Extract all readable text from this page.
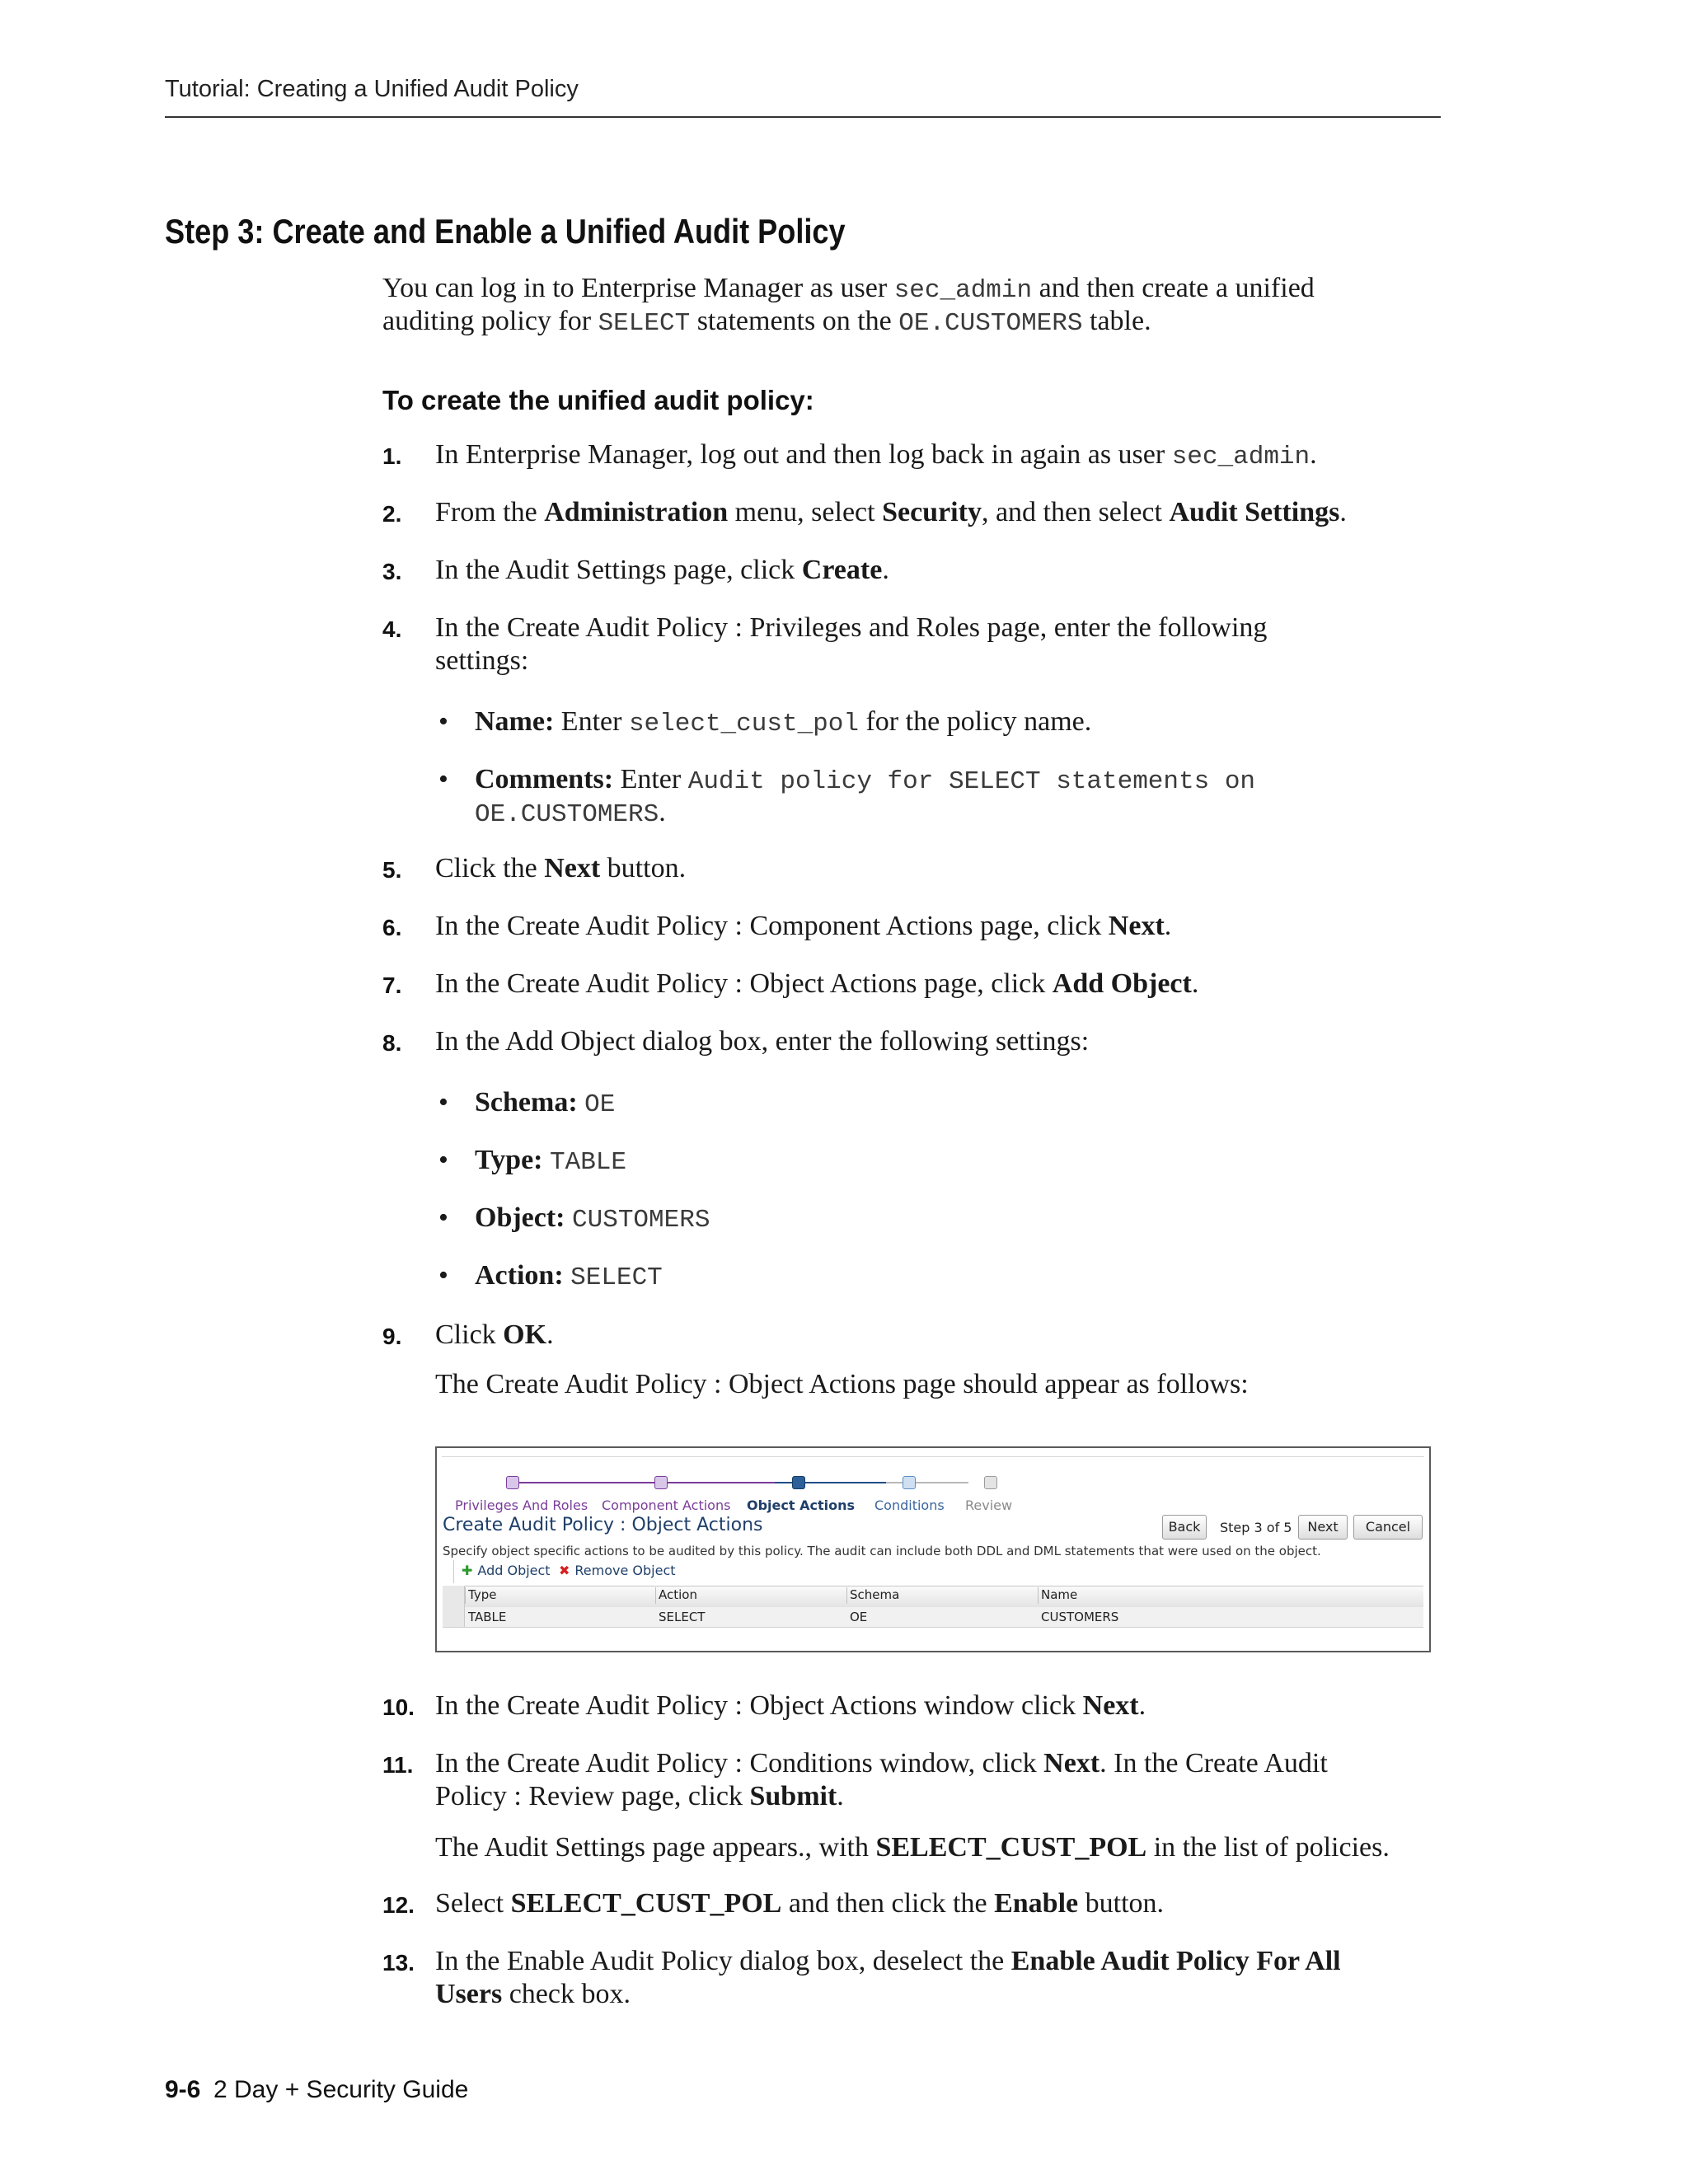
Tutorial: Creating a Unified Audit Policy
Step 3: Create and Enable a Unified Audit Policy
You can log in to Enterprise Manager as user sec_admin and then create a unified
auditing policy for SELECT statements on the OE.CUSTOMERS table.
To create the unified audit policy:
1. In Enterprise Manager, log out and then log back in again as user sec_admin.
2. From the Administration menu, select Security, and then select Audit Settings.
3. In the Audit Settings page, click Create.
4. In the Create Audit Policy : Privileges and Roles page, enter the following
settings:
• Name: Enter select_cust_pol for the policy name.
• Comments: Enter Audit policy for SELECT statements on
OE.CUSTOMERS.
5. Click the Next button.
6. In the Create Audit Policy : Component Actions page, click Next.
7. In the Create Audit Policy : Object Actions page, click Add Object.
8. In the Add Object dialog box, enter the following settings:
• Schema: OE
• Type: TABLE
• Object: CUSTOMERS
• Action: SELECT
9. Click OK.
The Create Audit Policy : Object Actions page should appear as follows:
Privileges And Roles Component Actions Object Actions Conditions Review
Create Audit Policy : Object Actions	Back	Step 3 of 5	Next	Cancel
Specify object specific actions to be audited by this policy. The audit can include both DDL and DML statements that were used on the object.
✚ Add Object ✖ Remove Object
Type	Action	Schema	Name
TABLE	SELECT	OE	CUSTOMERS
10. In the Create Audit Policy : Object Actions window click Next.
11. In the Create Audit Policy : Conditions window, click Next. In the Create Audit
Policy : Review page, click Submit.
The Audit Settings page appears., with SELECT_CUST_POL in the list of policies.
12. Select SELECT_CUST_POL and then click the Enable button.
13. In the Enable Audit Policy dialog box, deselect the Enable Audit Policy For All
Users check box.
9-6 2 Day + Security Guide
